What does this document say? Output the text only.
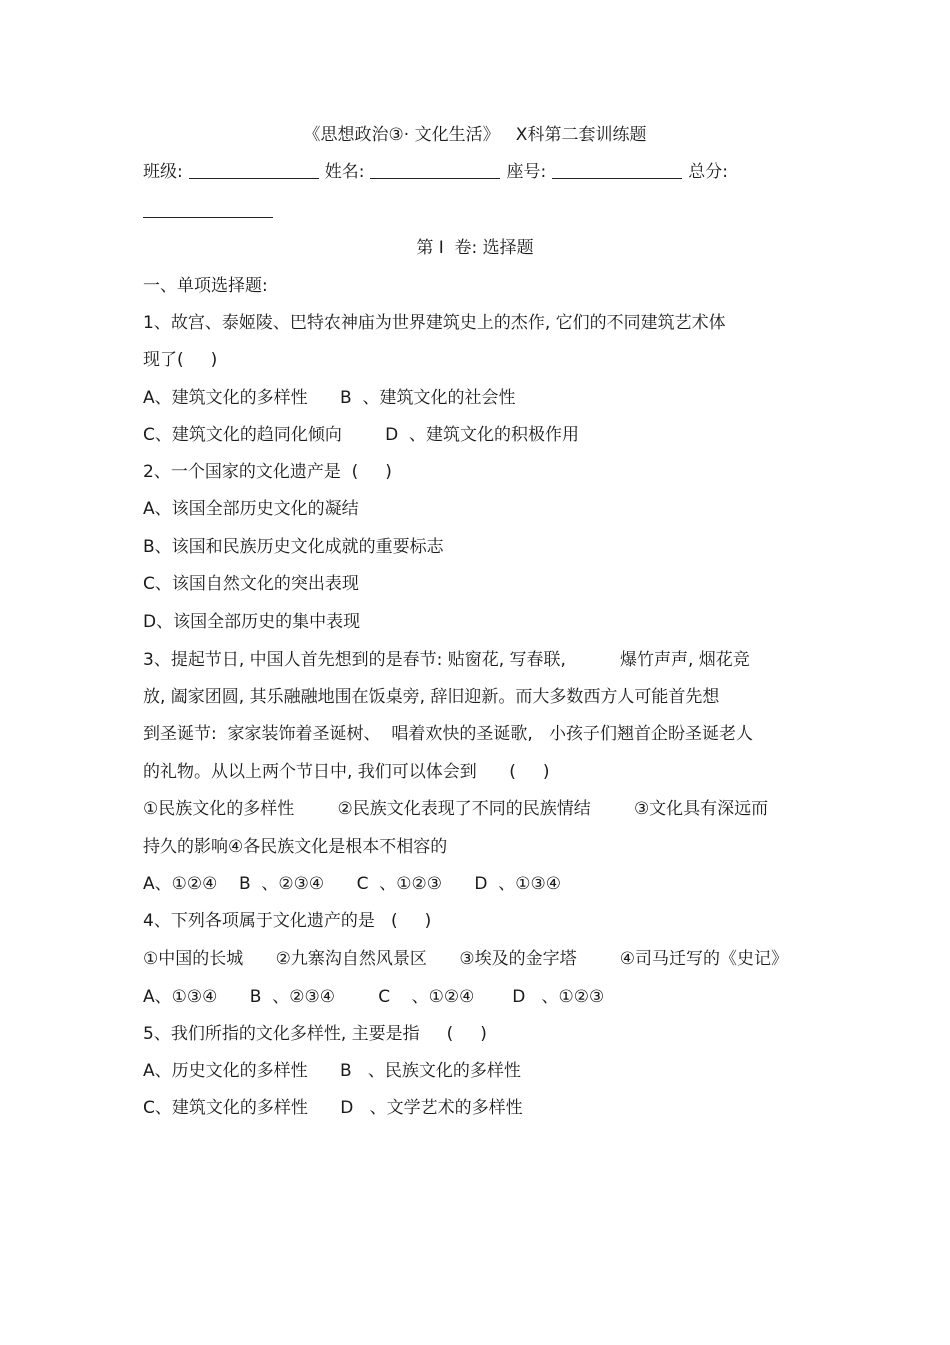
《思想政治③· 文化生活》   X科第二套训练题

班级:	姓名:	座号:	总分:

第 I  卷: 选择题

一、单项选择题:

1、故宫、泰姬陵、巴特农神庙为世界建筑史上的杰作, 它们的不同建筑艺术体

现了(     )

A、建筑文化的多样性      B  、建筑文化的社会性

C、建筑文化的趋同化倾向        D  、建筑文化的积极作用

2、一个国家的文化遗产是  (     )

A、该国全部历史文化的凝结

B、该国和民族历史文化成就的重要标志

C、该国自然文化的突出表现

D、该国全部历史的集中表现

3、提起节日, 中国人首先想到的是春节: 贴窗花, 写春联,          爆竹声声, 烟花竞

放, 阖家团圆, 其乐融融地围在饭桌旁, 辞旧迎新。而大多数西方人可能首先想

到圣诞节:  家家装饰着圣诞树、  唱着欢快的圣诞歌,   小孩子们翘首企盼圣诞老人

的礼物。从以上两个节日中, 我们可以体会到      (     )

①民族文化的多样性        ②民族文化表现了不同的民族情结        ③文化具有深远而

持久的影响④各民族文化是根本不相容的

A、①②④    B  、②③④      C  、①②③      D  、①③④

4、下列各项属于文化遗产的是   (     )

①中国的长城      ②九寨沟自然风景区      ③埃及的金字塔        ④司马迁写的《史记》

A、①③④      B  、②③④        C    、①②④       D   、①②③

5、我们所指的文化多样性, 主要是指     (     )

A、历史文化的多样性      B   、民族文化的多样性

C、建筑文化的多样性      D   、文学艺术的多样性
